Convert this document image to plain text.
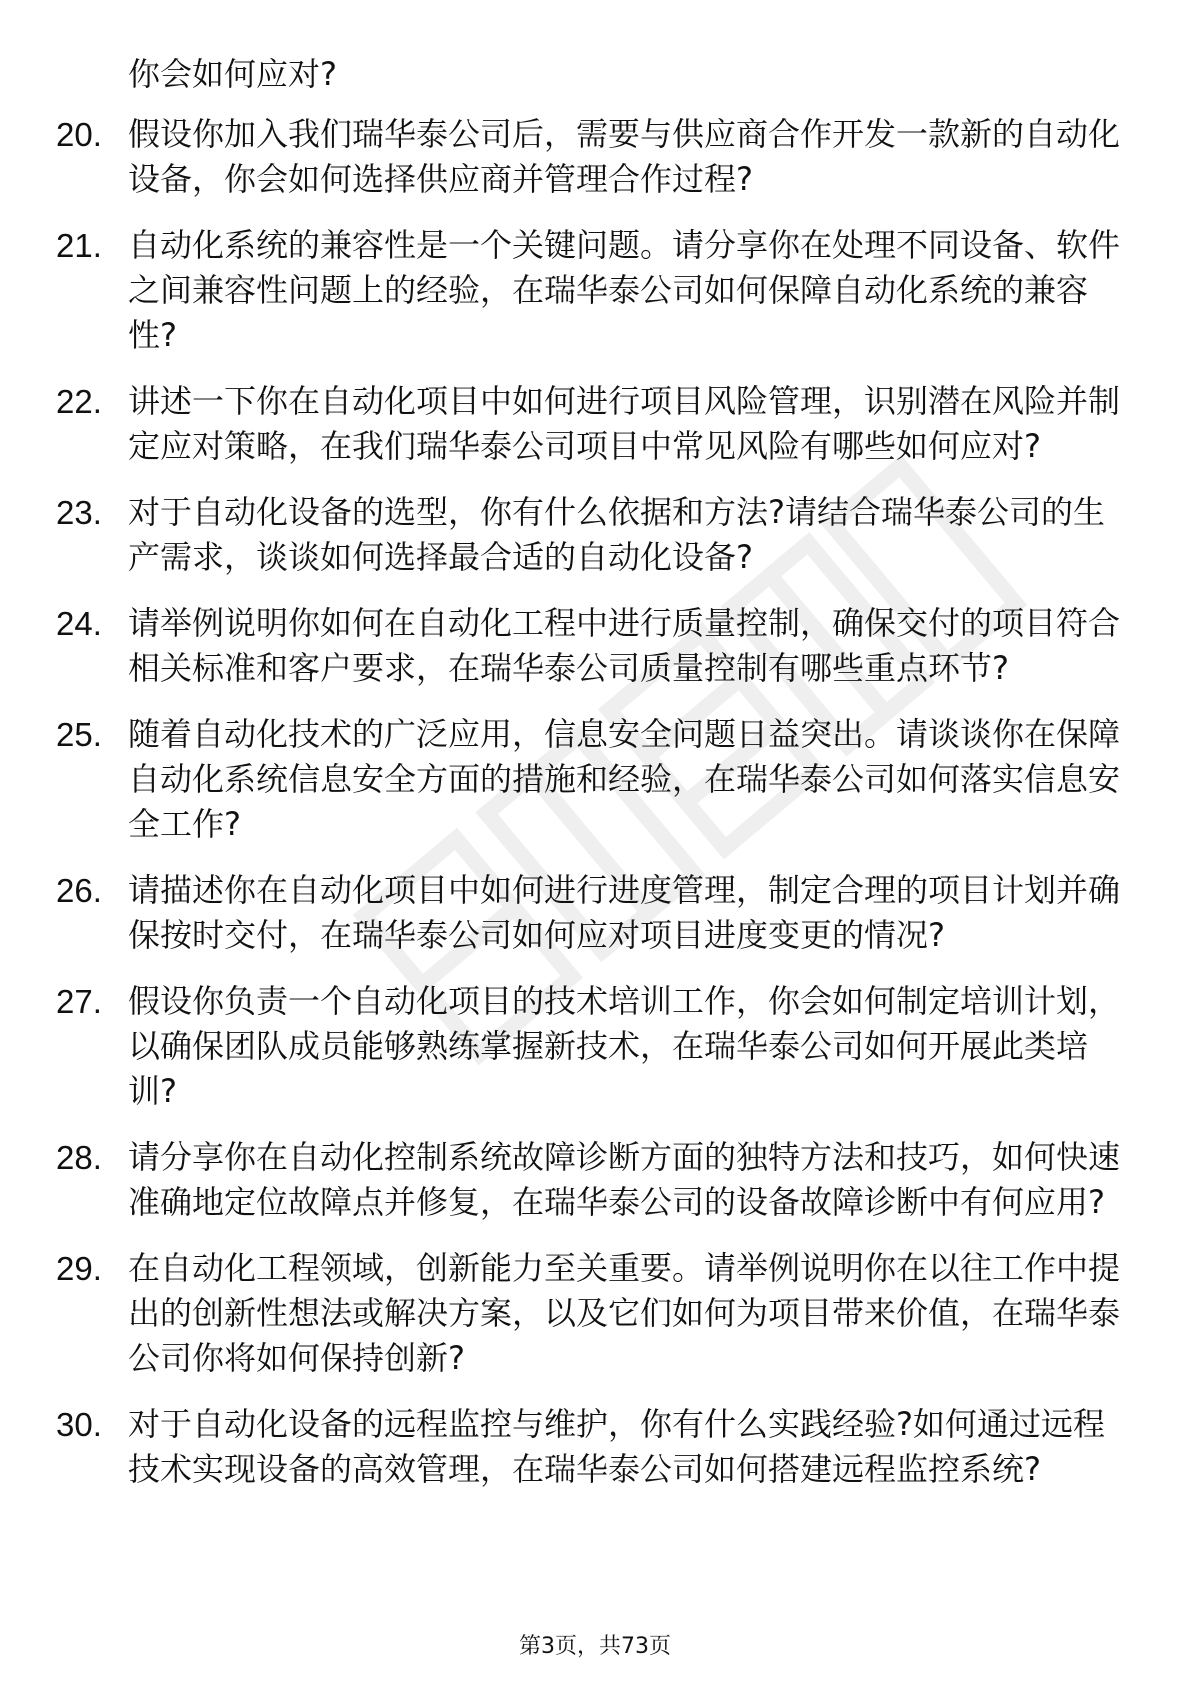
你会如何应对?

20. 假设你加入我们瑞华泰公司后，需要与供应商合作开发一款新的自动化设备，你会如何选择供应商并管理合作过程?
21. 自动化系统的兼容性是一个关键问题。请分享你在处理不同设备、软件之间兼容性问题上的经验，在瑞华泰公司如何保障自动化系统的兼容性?
22. 讲述一下你在自动化项目中如何进行项目风险管理，识别潜在风险并制定应对策略，在我们瑞华泰公司项目中常见风险有哪些如何应对?
23. 对于自动化设备的选型，你有什么依据和方法?请结合瑞华泰公司的生产需求，谈谈如何选择最合适的自动化设备?
24. 请举例说明你如何在自动化工程中进行质量控制，确保交付的项目符合相关标准和客户要求，在瑞华泰公司质量控制有哪些重点环节?
25. 随着自动化技术的广泛应用，信息安全问题日益突出。请谈谈你在保障自动化系统信息安全方面的措施和经验，在瑞华泰公司如何落实信息安全工作?
26. 请描述你在自动化项目中如何进行进度管理，制定合理的项目计划并确保按时交付，在瑞华泰公司如何应对项目进度变更的情况?
27. 假设你负责一个自动化项目的技术培训工作，你会如何制定培训计划，以确保团队成员能够熟练掌握新技术，在瑞华泰公司如何开展此类培训?
28. 请分享你在自动化控制系统故障诊断方面的独特方法和技巧，如何快速准确地定位故障点并修复，在瑞华泰公司的设备故障诊断中有何应用?
29. 在自动化工程领域，创新能力至关重要。请举例说明你在以往工作中提出的创新性想法或解决方案，以及它们如何为项目带来价值，在瑞华泰公司你将如何保持创新?
30. 对于自动化设备的远程监控与维护，你有什么实践经验?如何通过远程技术实现设备的高效管理，在瑞华泰公司如何搭建远程监控系统?
第3页，共73页
